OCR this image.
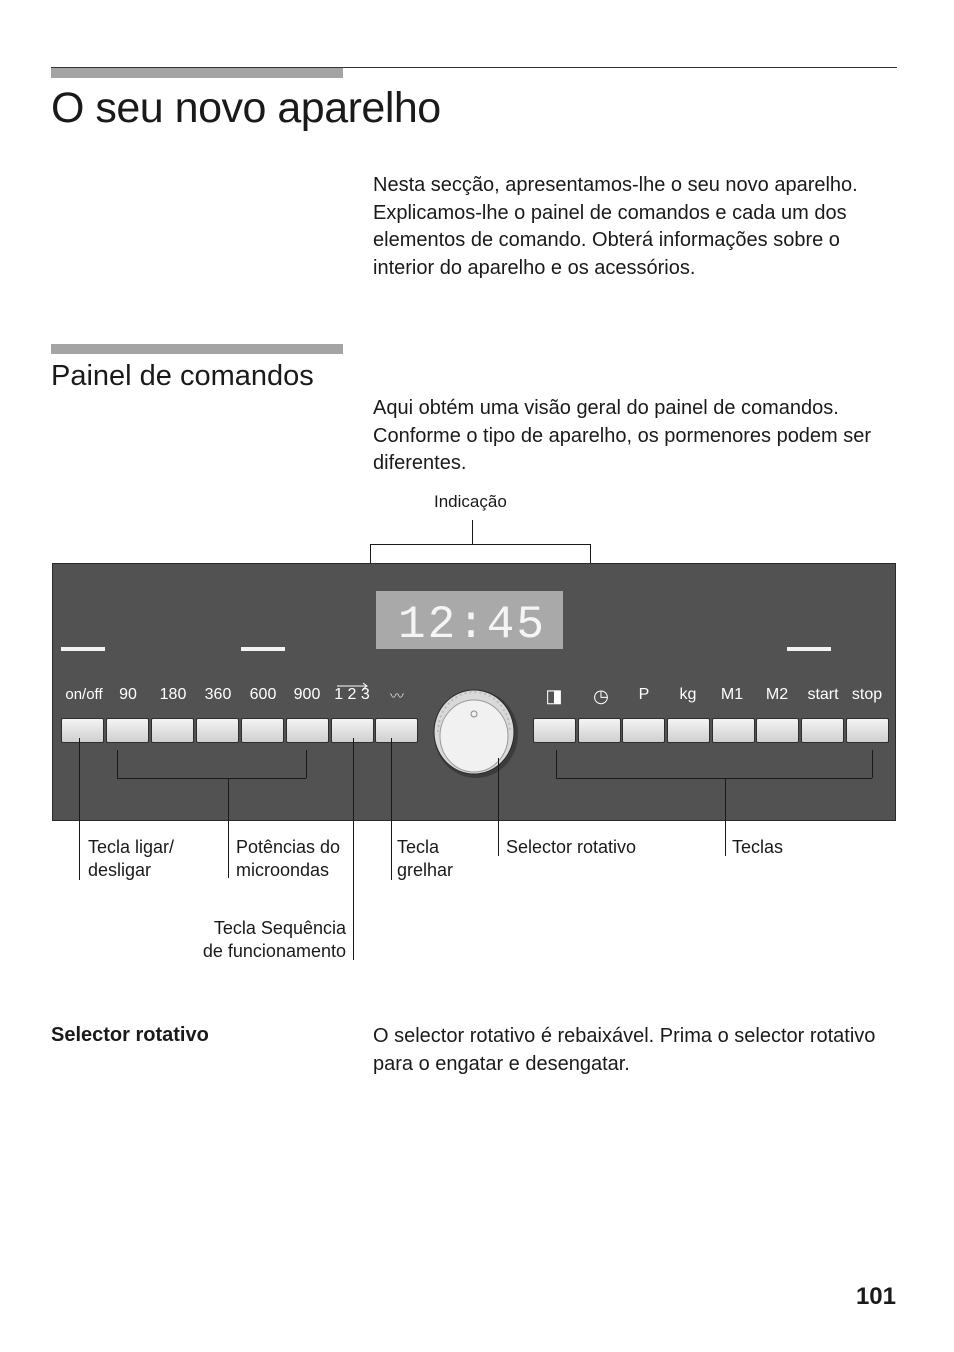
O seu novo aparelho
Nesta secção, apresentamos-lhe o seu novo aparelho. Explicamos-lhe o painel de comandos e cada um dos elementos de comando. Obterá informações sobre o interior do aparelho e os acessórios.
Painel de comandos
Aqui obtém uma visão geral do painel de comandos. Conforme o tipo de aparelho, os pormenores podem ser diferentes.
Indicação
12:45
on/off	90	180	360	600	900 1 2 3	〰	◨	◷	P	kg	M1	M2	start stop
Tecla ligar/ desligar
Potências do microondas
Tecla grelhar
Selector rotativo	Teclas
Tecla Sequência de funcionamento
Selector rotativo	O selector rotativo é rebaixável. Prima o selector rotativo para o engatar e desengatar.
101
